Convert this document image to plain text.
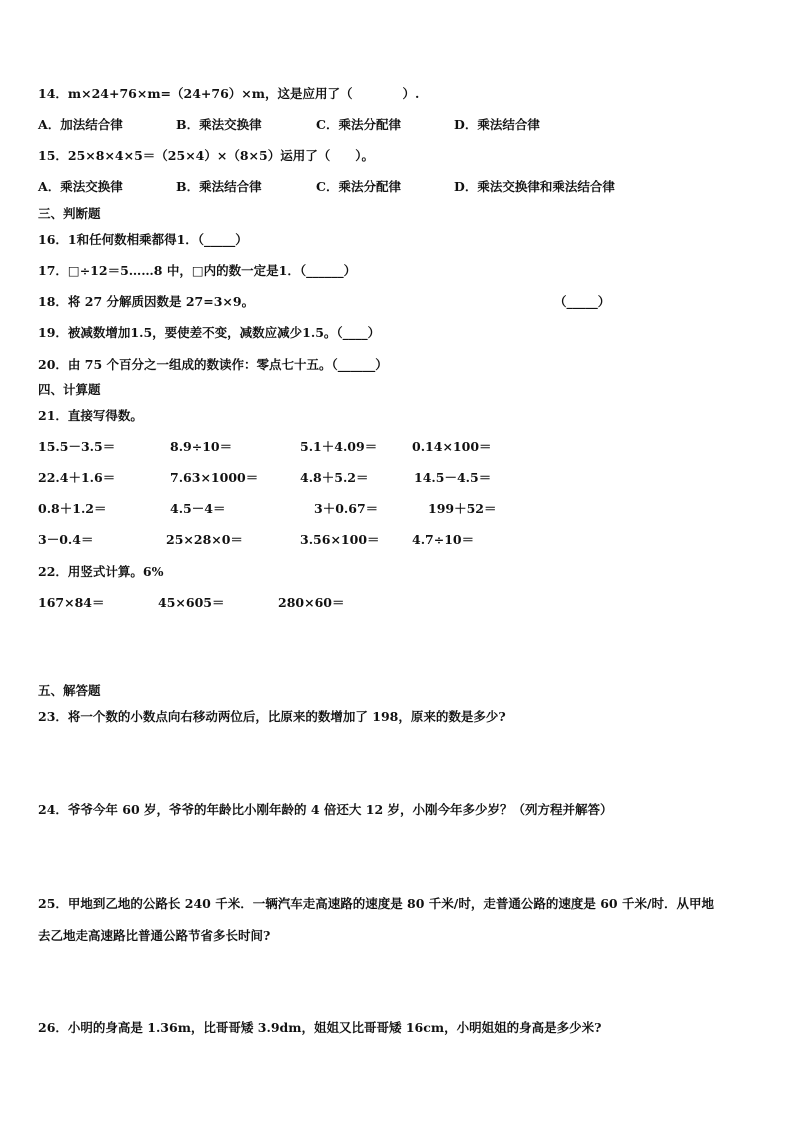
14．m×24+76×m=（24+76）×m，这是应用了（　　　　）.
A．加法结合律	B．乘法交换律	C．乘法分配律	D．乘法结合律
15．25×8×4×5＝（25×4）×（8×5）运用了（　　）。
A．乘法交换律	B．乘法结合律	C．乘法分配律	D．乘法交换律和乘法结合律
三、判断题
16．1和任何数相乘都得1．（_____）
17．□÷12＝5……8 中，□内的数一定是1．（______）
18．将 27 分解质因数是 27=3×9。	（_____）
19．被减数增加1.5，要使差不变，减数应减少1.5。（____）
20．由 75 个百分之一组成的数读作：零点七十五。（______）
四、计算题
21．直接写得数。
15.5－3.5＝	8.9÷10＝	5.1＋4.09＝	0.14×100＝
22.4＋1.6＝	7.63×1000＝	4.8＋5.2＝	14.5－4.5＝
0.8＋1.2＝	4.5－4＝	3＋0.67＝	199＋52＝
3－0.4＝	25×28×0＝	3.56×100＝	4.7÷10＝
22．用竖式计算。6%
167×84＝	45×605＝	280×60＝
五、解答题
23．将一个数的小数点向右移动两位后，比原来的数增加了 198，原来的数是多少?
24．爷爷今年 60 岁，爷爷的年龄比小刚年龄的 4 倍还大 12 岁，小刚今年多少岁？（列方程并解答）
25．甲地到乙地的公路长 240 千米．一辆汽车走高速路的速度是 80 千米/时，走普通公路的速度是 60 千米/时．从甲地
去乙地走高速路比普通公路节省多长时间?
26．小明的身高是 1.36m，比哥哥矮 3.9dm，姐姐又比哥哥矮 16cm，小明姐姐的身高是多少米?
